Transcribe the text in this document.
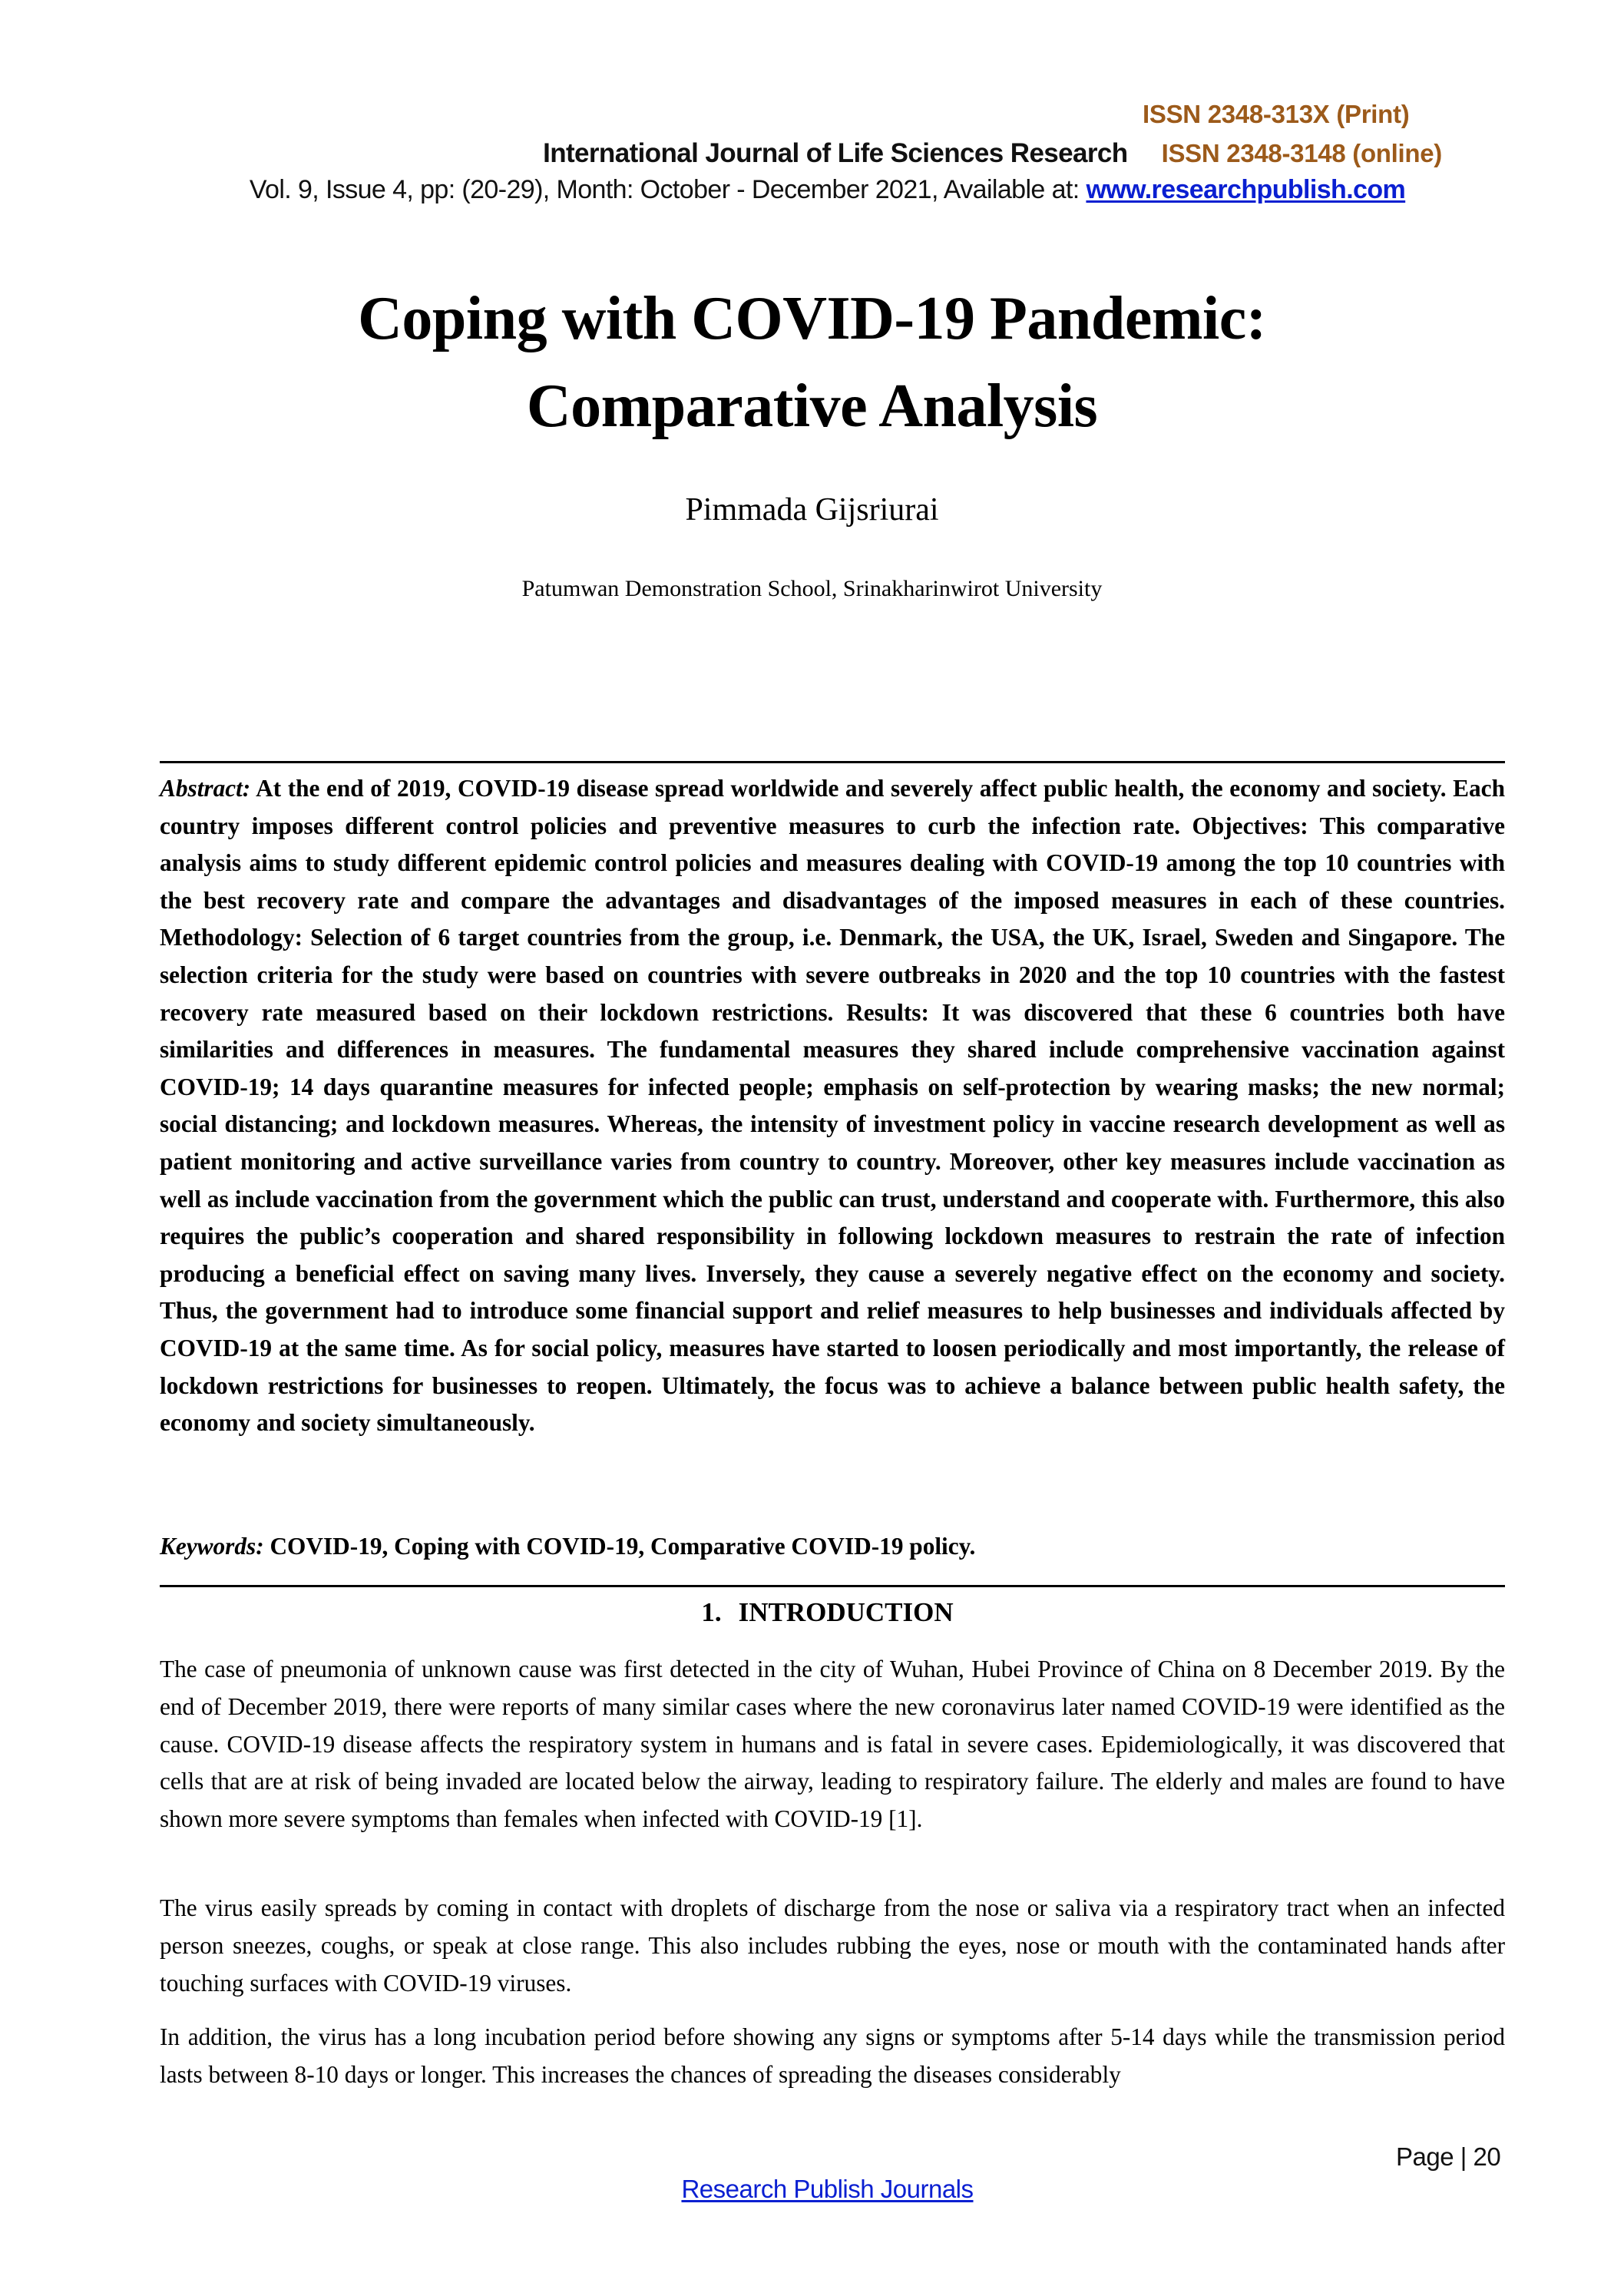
ISSN 2348-313X (Print)
International Journal of Life Sciences Research ISSN 2348-3148 (online)
Vol. 9, Issue 4, pp: (20-29), Month: October - December 2021, Available at: www.researchpublish.com
Coping with COVID-19 Pandemic:
Comparative Analysis
Pimmada Gijsriurai
Patumwan Demonstration School, Srinakharinwirot University

Abstract: At the end of 2019, COVID-19 disease spread worldwide and severely affect public health, the economy and society. Each country imposes different control policies and preventive measures to curb the infection rate. Objectives: This comparative analysis aims to study different epidemic control policies and measures dealing with COVID-19 among the top 10 countries with the best recovery rate and compare the advantages and disadvantages of the imposed measures in each of these countries. Methodology: Selection of 6 target countries from the group, i.e. Denmark, the USA, the UK, Israel, Sweden and Singapore. The selection criteria for the study were based on countries with severe outbreaks in 2020 and the top 10 countries with the fastest recovery rate measured based on their lockdown restrictions. Results: It was discovered that these 6 countries both have similarities and differences in measures. The fundamental measures they shared include comprehensive vaccination against COVID-19; 14 days quarantine measures for infected people; emphasis on self-protection by wearing masks; the new normal; social distancing; and lockdown measures. Whereas, the intensity of investment policy in vaccine research development as well as patient monitoring and active surveillance varies from country to country. Moreover, other key measures include vaccination as well as include vaccination from the government which the public can trust, understand and cooperate with. Furthermore, this also requires the public’s cooperation and shared responsibility in following lockdown measures to restrain the rate of infection producing a beneficial effect on saving many lives. Inversely, they cause a severely negative effect on the economy and society. Thus, the government had to introduce some financial support and relief measures to help businesses and individuals affected by COVID-19 at the same time. As for social policy, measures have started to loosen periodically and most importantly, the release of lockdown restrictions for businesses to reopen. Ultimately, the focus was to achieve a balance between public health safety, the economy and society simultaneously.

Keywords: COVID-19, Coping with COVID-19, Comparative COVID-19 policy.

1. INTRODUCTION

The case of pneumonia of unknown cause was first detected in the city of Wuhan, Hubei Province of China on 8 December 2019. By the end of December 2019, there were reports of many similar cases where the new coronavirus later named COVID-19 were identified as the cause. COVID-19 disease affects the respiratory system in humans and is fatal in severe cases. Epidemiologically, it was discovered that cells that are at risk of being invaded are located below the airway, leading to respiratory failure. The elderly and males are found to have shown more severe symptoms than females when infected with COVID-19 [1].

The virus easily spreads by coming in contact with droplets of discharge from the nose or saliva via a respiratory tract when an infected person sneezes, coughs, or speak at close range. This also includes rubbing the eyes, nose or mouth with the contaminated hands after touching surfaces with COVID-19 viruses.

In addition, the virus has a long incubation period before showing any signs or symptoms after 5-14 days while the transmission period lasts between 8-10 days or longer. This increases the chances of spreading the diseases considerably

Page | 20
Research Publish Journals
